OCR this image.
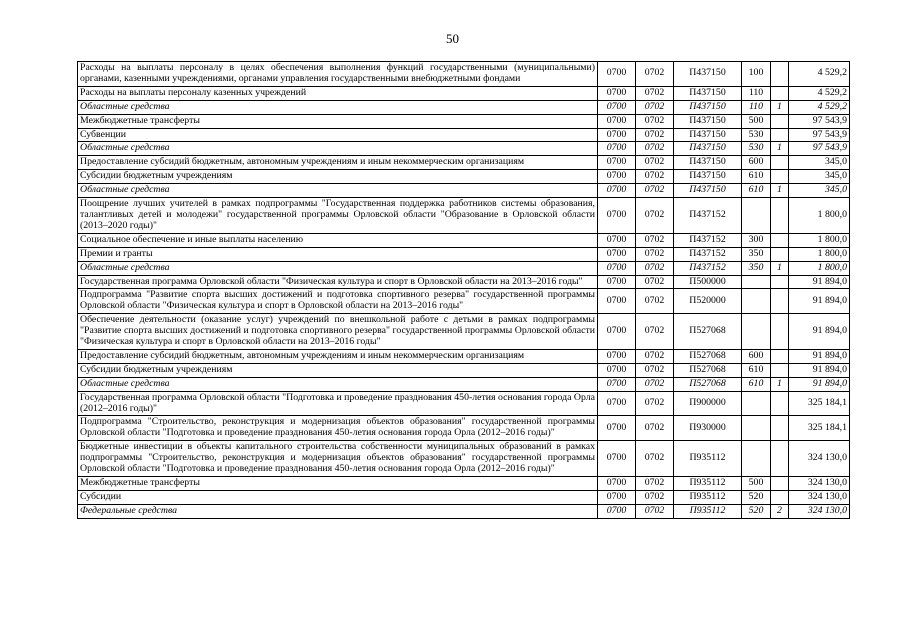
50
Расходы на выплаты персоналу в целях обеспечения выполнения функций государственными (муниципальными) органами, казенными учреждениями, органами управления государственными внебюджетными фондами	0700	0702	П437150	100		4 529,2
Расходы на выплаты персоналу казенных учреждений	0700	0702	П437150	110		4 529,2
Областные средства	0700	0702	П437150	110	1	4 529,2
Межбюджетные трансферты	0700	0702	П437150	500		97 543,9
Субвенции	0700	0702	П437150	530		97 543,9
Областные средства	0700	0702	П437150	530	1	97 543,9
Предоставление субсидий бюджетным, автономным учреждениям и иным некоммерческим организациям	0700	0702	П437150	600		345,0
Субсидии бюджетным учреждениям	0700	0702	П437150	610		345,0
Областные средства	0700	0702	П437150	610	1	345,0
Поощрение лучших учителей в рамках подпрограммы "Государственная поддержка работников системы образования, талантливых детей и молодежи" государственной программы Орловской области "Образование в Орловской области (2013–2020 годы)"	0700	0702	П437152			1 800,0
Социальное обеспечение и иные выплаты населению	0700	0702	П437152	300		1 800,0
Премии и гранты	0700	0702	П437152	350		1 800,0
Областные средства	0700	0702	П437152	350	1	1 800,0
Государственная программа Орловской области "Физическая культура и спорт в Орловской области на 2013–2016 годы"	0700	0702	П500000			91 894,0
Подпрограмма "Развитие спорта высших достижений и подготовка спортивного резерва" государственной программы Орловской области "Физическая культура и спорт в Орловской области на 2013–2016 годы"	0700	0702	П520000			91 894,0
Обеспечение деятельности (оказание услуг) учреждений по внешкольной работе с детьми в рамках подпрограммы "Развитие спорта высших достижений и подготовка спортивного резерва" государственной программы Орловской области "Физическая культура и спорт в Орловской области на 2013–2016 годы"	0700	0702	П527068			91 894,0
Предоставление субсидий бюджетным, автономным учреждениям и иным некоммерческим организациям	0700	0702	П527068	600		91 894,0
Субсидии бюджетным учреждениям	0700	0702	П527068	610		91 894,0
Областные средства	0700	0702	П527068	610	1	91 894,0
Государственная программа Орловской области "Подготовка и проведение празднования 450-летия основания города Орла (2012–2016 годы)"	0700	0702	П900000			325 184,1
Подпрограмма "Строительство, реконструкция и модернизация объектов образования" государственной программы Орловской области "Подготовка и проведение празднования 450-летия основания города Орла (2012–2016 годы)"	0700	0702	П930000			325 184,1
Бюджетные инвестиции в объекты капитального строительства собственности муниципальных образований в рамках подпрограммы "Строительство, реконструкция и модернизация объектов образования" государственной программы Орловской области "Подготовка и проведение празднования 450-летия основания города Орла (2012–2016 годы)"	0700	0702	П935112			324 130,0
Межбюджетные трансферты	0700	0702	П935112	500		324 130,0
Субсидии	0700	0702	П935112	520		324 130,0
Федеральные средства	0700	0702	П935112	520	2	324 130,0
